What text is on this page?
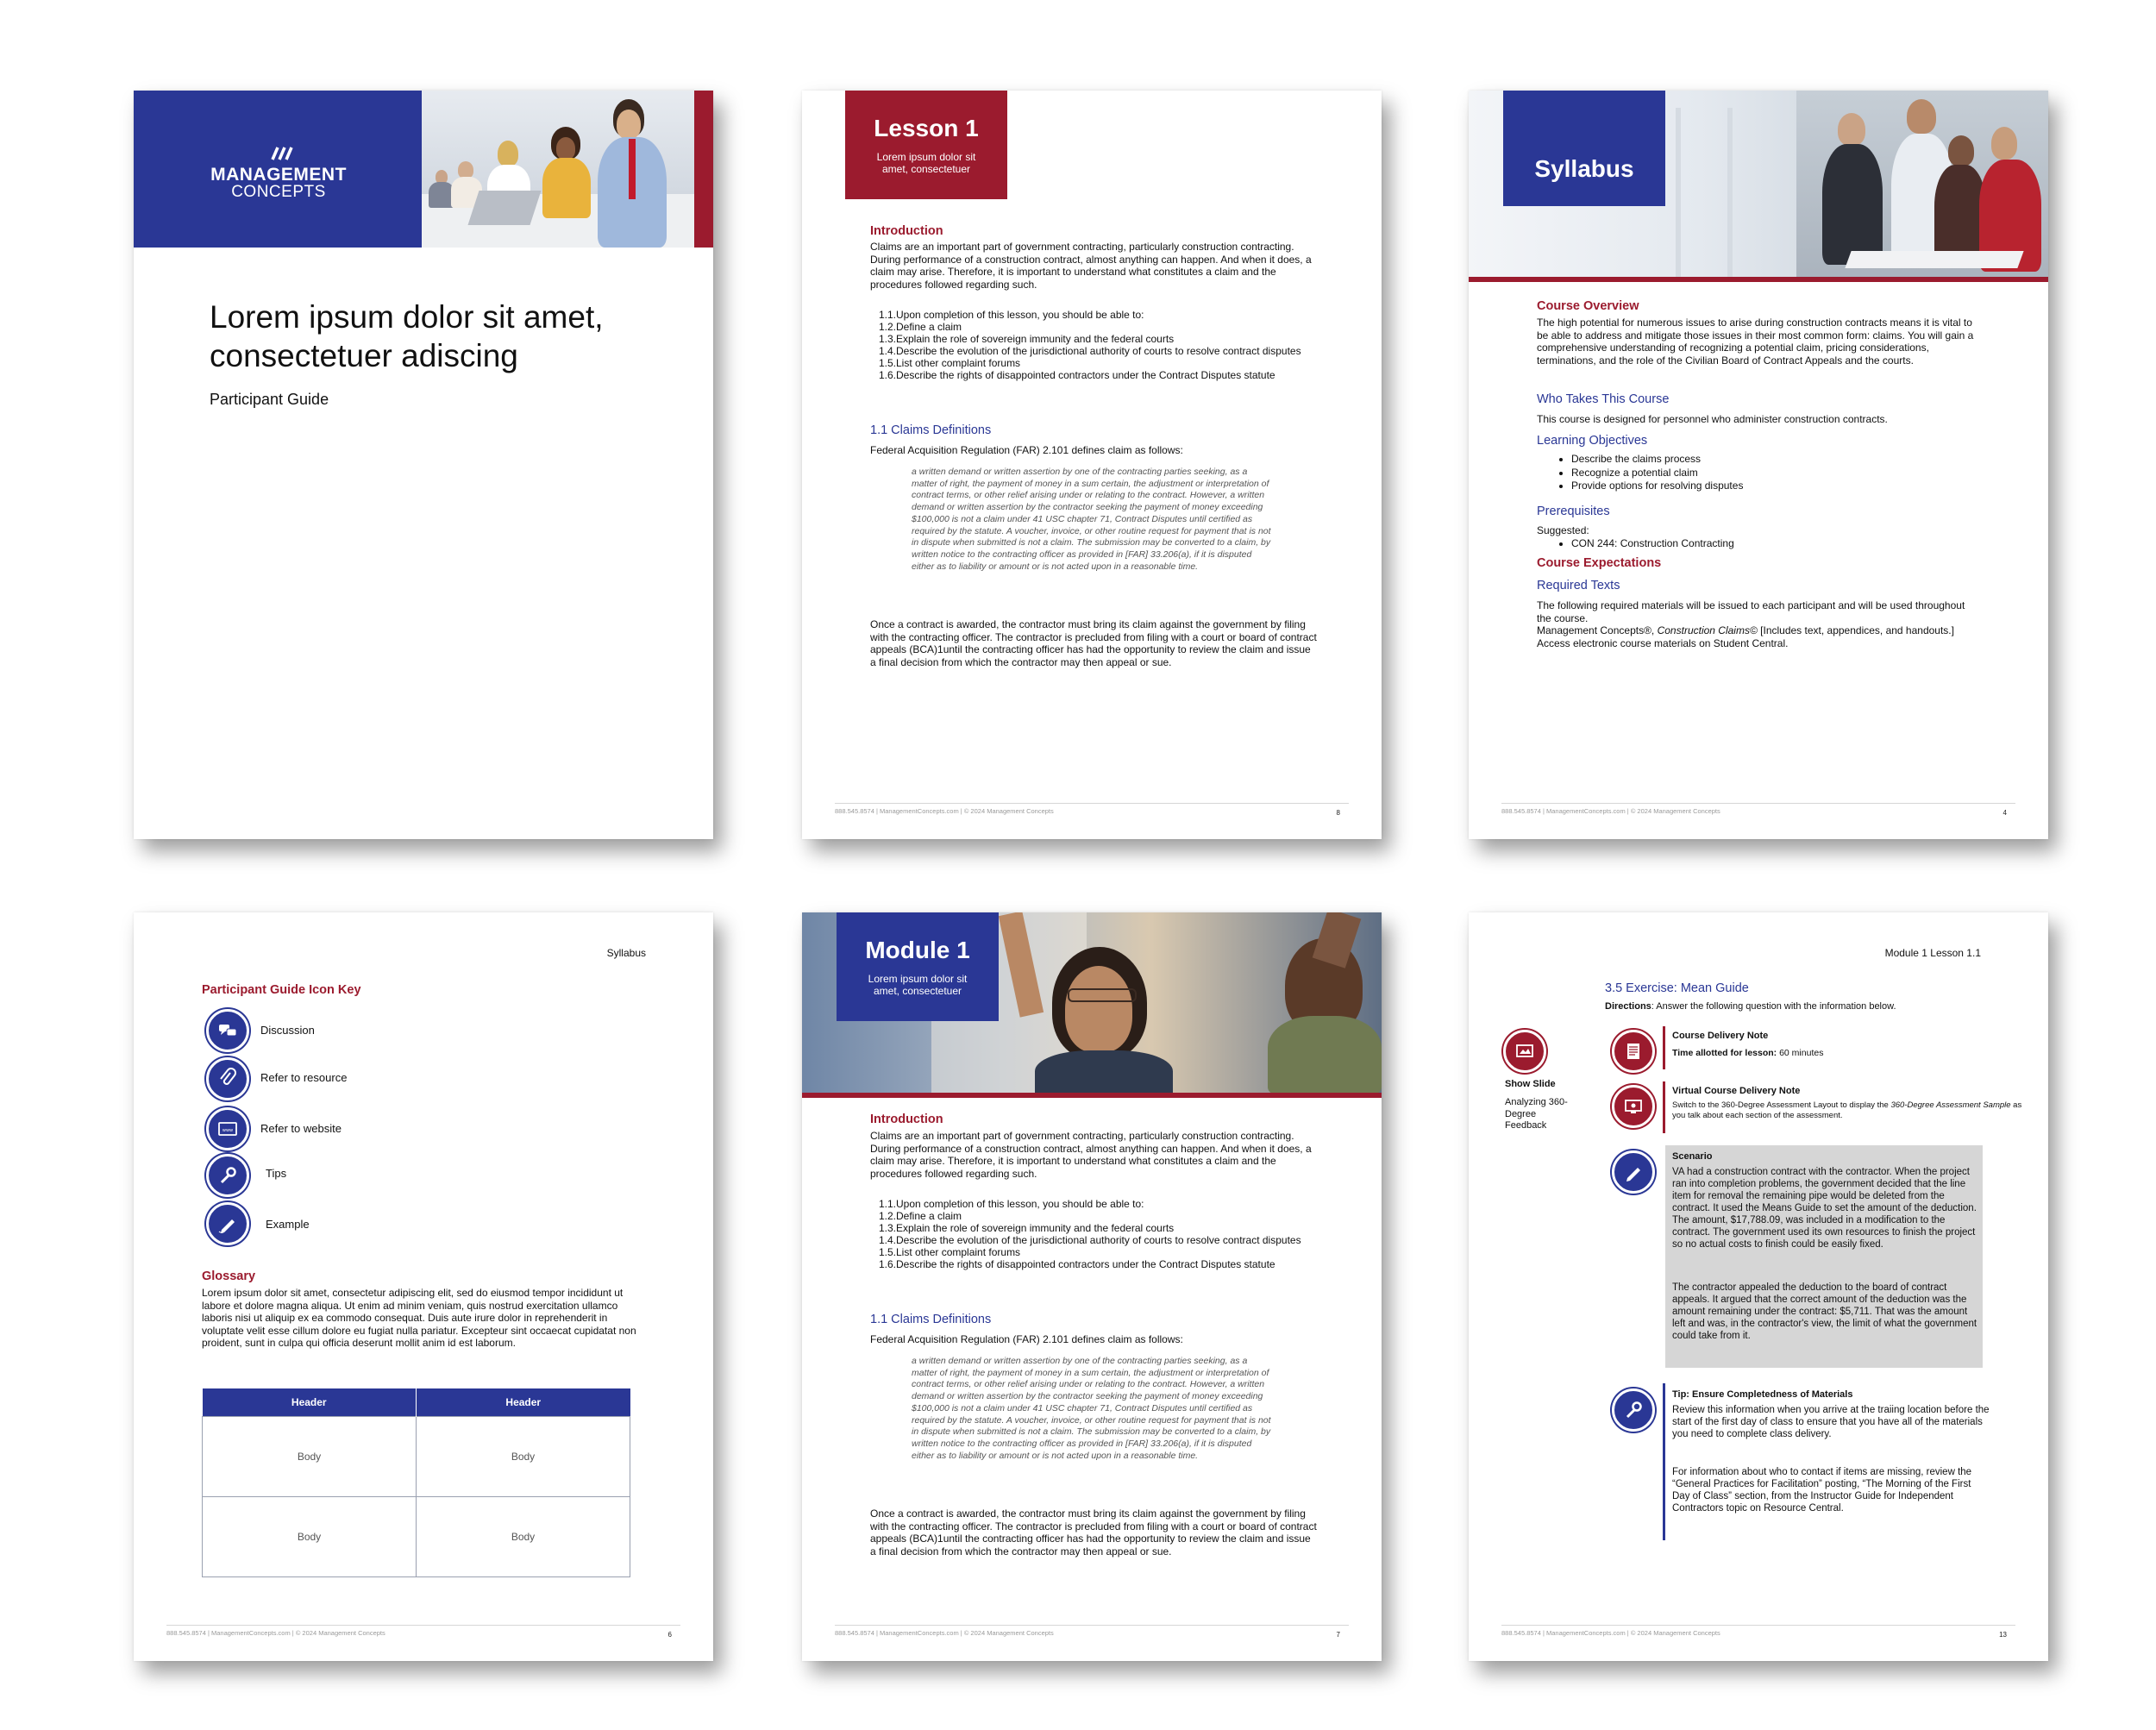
MANAGEMENT
CONCEPTS
Lorem ipsum dolor sit amet, consectetuer adiscing
Participant Guide
Lesson 1
Lorem ipsum dolor sit amet, consectetuer
Introduction
Claims are an important part of government contracting, particularly construction contracting. During performance of a construction contract, almost anything can happen. And when it does, a claim may arise. Therefore, it is important to understand what constitutes a claim and the procedures followed regarding such.
1.1. Upon completion of this lesson, you should be able to:
1.2. Define a claim
1.3. Explain the role of sovereign immunity and the federal courts
1.4. Describe the evolution of the jurisdictional authority of courts to resolve contract disputes
1.5. List other complaint forums
1.6. Describe the rights of disappointed contractors under the Contract Disputes statute
1.1 Claims Definitions
Federal Acquisition Regulation (FAR) 2.101 defines claim as follows:
a written demand or written assertion by one of the contracting parties seeking, as a matter of right, the payment of money in a sum certain, the adjustment or interpretation of contract terms, or other relief arising under or relating to the contract. However, a written demand or written assertion by the contractor seeking the payment of money exceeding $100,000 is not a claim under 41 USC chapter 71, Contract Disputes until certified as required by the statute. A voucher, invoice, or other routine request for payment that is not in dispute when submitted is not a claim. The submission may be converted to a claim, by written notice to the contracting officer as provided in [FAR] 33.206(a), if it is disputed either as to liability or amount or is not acted upon in a reasonable time.
Once a contract is awarded, the contractor must bring its claim against the government by filing with the contracting officer. The contractor is precluded from filing with a court or board of contract appeals (BCA)1until the contracting officer has had the opportunity to review the claim and issue a final decision from which the contractor may then appeal or sue.
888.545.8574 | ManagementConcepts.com | © 2024 Management Concepts	8
Syllabus
Course Overview
The high potential for numerous issues to arise during construction contracts means it is vital to be able to address and mitigate those issues in their most common form: claims. You will gain a comprehensive understanding of recognizing a potential claim, pricing considerations, terminations, and the role of the Civilian Board of Contract Appeals and the courts.
Who Takes This Course
This course is designed for personnel who administer construction contracts.
Learning Objectives
• Describe the claims process
• Recognize a potential claim
• Provide options for resolving disputes
Prerequisites
Suggested:
• CON 244: Construction Contracting
Course Expectations
Required Texts
The following required materials will be issued to each participant and will be used throughout the course.
Management Concepts®, Construction Claims© [Includes text, appendices, and handouts.]
Access electronic course materials on Student Central.
888.545.8574 | ManagementConcepts.com | © 2024 Management Concepts	4
Syllabus
Participant Guide Icon Key
Discussion
Refer to resource
www Refer to website
Tips
Example
Glossary
Lorem ipsum dolor sit amet, consectetur adipiscing elit, sed do eiusmod tempor incididunt ut labore et dolore magna aliqua. Ut enim ad minim veniam, quis nostrud exercitation ullamco laboris nisi ut aliquip ex ea commodo consequat. Duis aute irure dolor in reprehenderit in voluptate velit esse cillum dolore eu fugiat nulla pariatur. Excepteur sint occaecat cupidatat non proident, sunt in culpa qui officia deserunt mollit anim id est laborum.
Header	Header
Body	Body
Body	Body
888.545.8574 | ManagementConcepts.com | © 2024 Management Concepts	6
Module 1
Lorem ipsum dolor sit amet, consectetuer
Introduction
Claims are an important part of government contracting, particularly construction contracting. During performance of a construction contract, almost anything can happen. And when it does, a claim may arise. Therefore, it is important to understand what constitutes a claim and the procedures followed regarding such.
1.1. Upon completion of this lesson, you should be able to:
1.2. Define a claim
1.3. Explain the role of sovereign immunity and the federal courts
1.4. Describe the evolution of the jurisdictional authority of courts to resolve contract disputes
1.5. List other complaint forums
1.6. Describe the rights of disappointed contractors under the Contract Disputes statute
1.1 Claims Definitions
Federal Acquisition Regulation (FAR) 2.101 defines claim as follows:
a written demand or written assertion by one of the contracting parties seeking, as a matter of right, the payment of money in a sum certain, the adjustment or interpretation of contract terms, or other relief arising under or relating to the contract. However, a written demand or written assertion by the contractor seeking the payment of money exceeding $100,000 is not a claim under 41 USC chapter 71, Contract Disputes until certified as required by the statute. A voucher, invoice, or other routine request for payment that is not in dispute when submitted is not a claim. The submission may be converted to a claim, by written notice to the contracting officer as provided in [FAR] 33.206(a), if it is disputed either as to liability or amount or is not acted upon in a reasonable time.
Once a contract is awarded, the contractor must bring its claim against the government by filing with the contracting officer. The contractor is precluded from filing with a court or board of contract appeals (BCA)1until the contracting officer has had the opportunity to review the claim and issue a final decision from which the contractor may then appeal or sue.
888.545.8574 | ManagementConcepts.com | © 2024 Management Concepts	7
Module 1 Lesson 1.1
3.5 Exercise: Mean Guide
Directions: Answer the following question with the information below.
Show Slide
Analyzing 360-Degree Feedback
Course Delivery Note
Time allotted for lesson: 60 minutes
Virtual Course Delivery Note
Switch to the 360-Degree Assessment Layout to display the 360-Degree Assessment Sample as you talk about each section of the assessment.
Scenario
VA had a construction contract with the contractor. When the project ran into completion problems, the government decided that the line item for removal the remaining pipe would be deleted from the contract. It used the Means Guide to set the amount of the deduction. The amount, $17,788.09, was included in a modification to the contract. The government used its own resources to finish the project so no actual costs to finish could be easily fixed.
The contractor appealed the deduction to the board of contract appeals. It argued that the correct amount of the deduction was the amount remaining under the contract: $5,711. That was the amount left and was, in the contractor's view, the limit of what the government could take from it.
Tip: Ensure Completedness of Materials
Review this information when you arrive at the traiing location before the start of the first day of class to ensure that you have all of the materials you need to complete class delivery.
For information about who to contact if items are missing, review the “General Practices for Facilitation” posting, “The Morning of the First Day of Class” section, from the Instructor Guide for Independent Contractors topic on Resource Central.
888.545.8574 | ManagementConcepts.com | © 2024 Management Concepts	13
